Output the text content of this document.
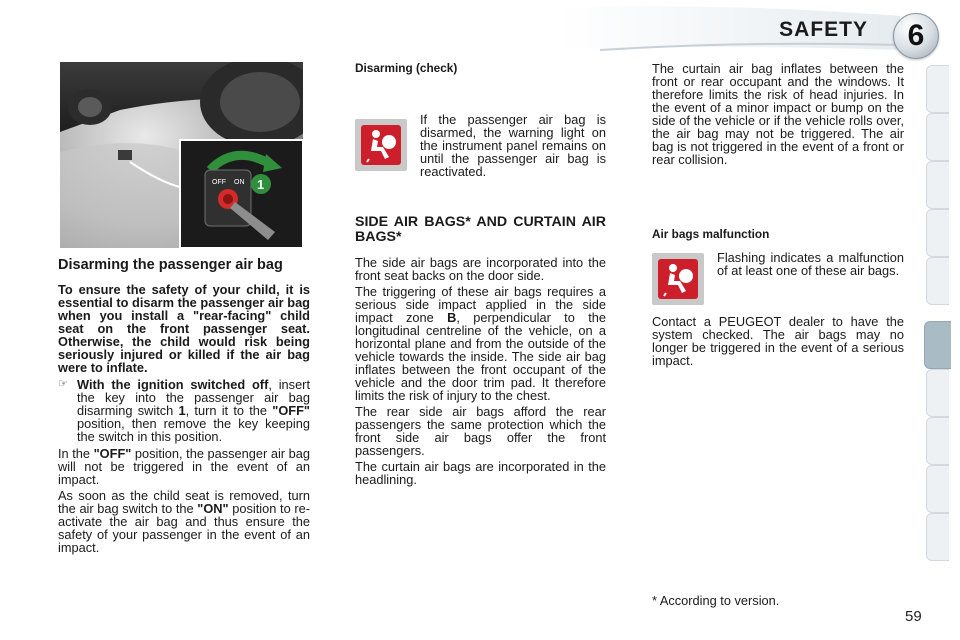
SAFETY	6
OFF ON 1

Disarming the passenger air bag

To ensure the safety of your child, it is essential to disarm the passenger air bag when you install a "rear-facing" child seat on the front passenger seat. Otherwise, the child would risk being seriously injured or killed if the air bag were to inflate.

☞ With the ignition switched off, insert the key into the passenger air bag disarming switch 1, turn it to the "OFF" position, then remove the key keeping the switch in this position.

In the "OFF" position, the passenger air bag will not be triggered in the event of an impact.

As soon as the child seat is removed, turn the air bag switch to the "ON" position to re-activate the air bag and thus ensure the safety of your passenger in the event of an impact.

Disarming (check)

If the passenger air bag is disarmed, the warning light on the instrument panel remains on until the passenger air bag is reactivated.

SIDE AIR BAGS* AND CURTAIN AIR BAGS*

The side air bags are incorporated into the front seat backs on the door side.

The triggering of these air bags requires a serious side impact applied in the side impact zone B, perpendicular to the longitudinal centreline of the vehicle, on a horizontal plane and from the outside of the vehicle towards the inside. The side air bag inflates between the front occupant of the vehicle and the door trim pad. It therefore limits the risk of injury to the chest.

The rear side air bags afford the rear passengers the same protection which the front side air bags offer the front passengers.

The curtain air bags are incorporated in the headlining.

The curtain air bag inflates between the front or rear occupant and the windows. It therefore limits the risk of head injuries. In the event of a minor impact or bump on the side of the vehicle or if the vehicle rolls over, the air bag may not be triggered. The air bag is not triggered in the event of a front or rear collision.

Air bags malfunction

Flashing indicates a malfunction of at least one of these air bags.

Contact a PEUGEOT dealer to have the system checked. The air bags may no longer be triggered in the event of a serious impact.

* According to version.
59
